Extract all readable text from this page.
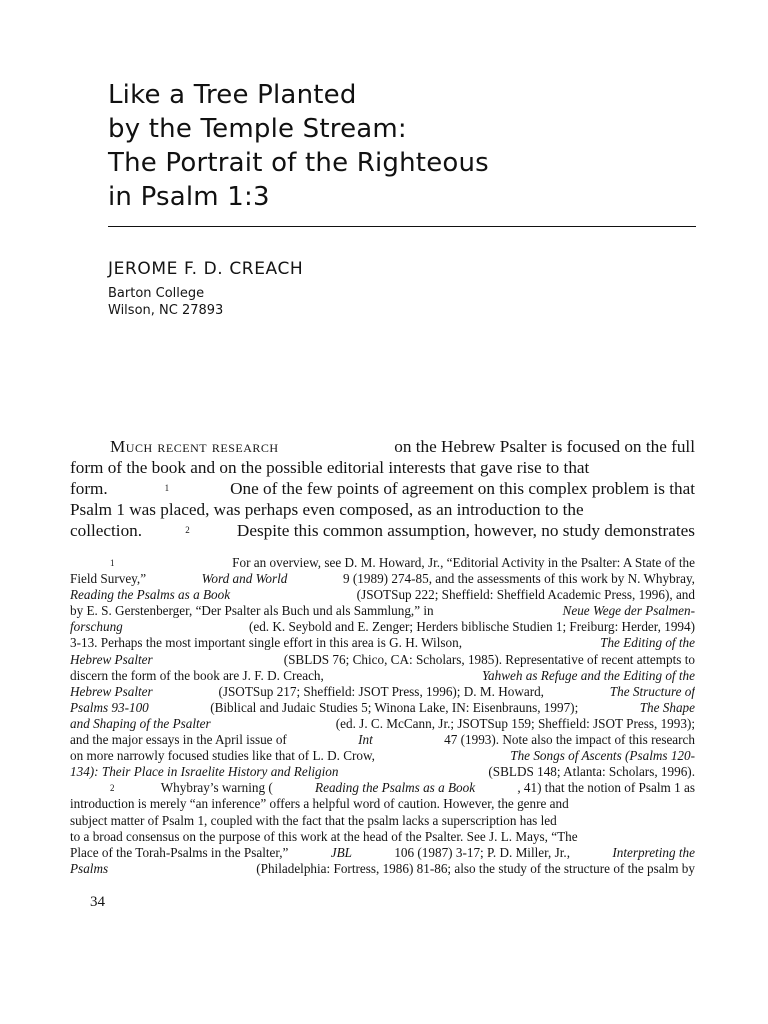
Like a Tree Planted
by the Temple Stream:
The Portrait of the Righteous
in Psalm 1:3
JEROME F. D. CREACH
Barton College
Wilson, NC 27893
Much recent research	on the Hebrew Psalter is focused on the full
form of the book and on the possible editorial interests that gave rise to that
form.	1	One of the few points of agreement on this complex problem is that
Psalm 1 was placed, was perhaps even composed, as an introduction to the
collection.	2	Despite this common assumption, however, no study demonstrates
1	For an overview, see D. M. Howard, Jr., “Editorial Activity in the Psalter: A State of the
Field Survey,”	Word and World	9 (1989) 274-85, and the assessments of this work by N. Whybray,
Reading the Psalms as a Book	(JSOTSup 222; Sheffield: Sheffield Academic Press, 1996), and
by E. S. Gerstenberger, “Der Psalter als Buch und als Sammlung,” in	Neue Wege der Psalmen-
forschung	(ed. K. Seybold and E. Zenger; Herders biblische Studien 1; Freiburg: Herder, 1994)
3-13. Perhaps the most important single effort in this area is G. H. Wilson,	The Editing of the
Hebrew Psalter	(SBLDS 76; Chico, CA: Scholars, 1985). Representative of recent attempts to
discern the form of the book are J. F. D. Creach,	Yahweh as Refuge and the Editing of the
Hebrew Psalter	(JSOTSup 217; Sheffield: JSOT Press, 1996); D. M. Howard,	The Structure of
Psalms 93-100	(Biblical and Judaic Studies 5; Winona Lake, IN: Eisenbrauns, 1997);	The Shape
and Shaping of the Psalter	(ed. J. C. McCann, Jr.; JSOTSup 159; Sheffield: JSOT Press, 1993);
and the major essays in the April issue of	Int	47 (1993). Note also the impact of this research
on more narrowly focused studies like that of L. D. Crow,	The Songs of Ascents (Psalms 120-
134): Their Place in Israelite History and Religion	(SBLDS 148; Atlanta: Scholars, 1996).
2	Whybray’s warning (	Reading the Psalms as a Book	, 41) that the notion of Psalm 1 as
introduction is merely “an inference” offers a helpful word of caution. However, the genre and
subject matter of Psalm 1, coupled with the fact that the psalm lacks a superscription has led
to a broad consensus on the purpose of this work at the head of the Psalter. See J. L. Mays, “The
Place of the Torah-Psalms in the Psalter,”	JBL	106 (1987) 3-17; P. D. Miller, Jr.,	Interpreting the
Psalms	(Philadelphia: Fortress, 1986) 81-86; also the study of the structure of the psalm by
34
